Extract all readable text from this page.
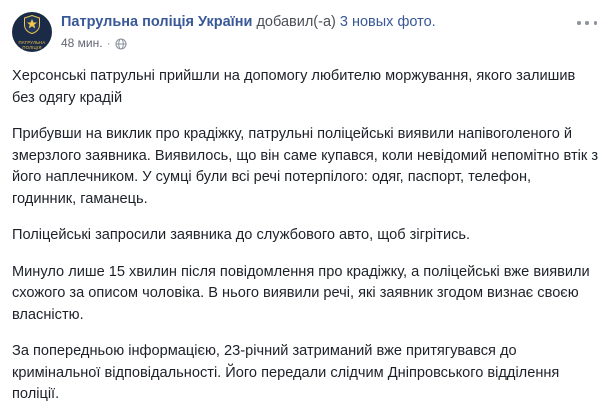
ПАТРУЛЬНА
ПОЛІЦІЯ
Патрульна поліція України добавил(-а) 3 новых фото.
48 мин. ·

Херсонські патрульні прийшли на допомогу любителю моржування, якого залишив без одягу крадій

Прибувши на виклик про крадіжку, патрульні поліцейські виявили напівоголеного й змерзлого заявника. Виявилось, що він саме купався, коли невідомий непомітно втік з його наплечником. У сумці були всі речі потерпілого: одяг, паспорт, телефон, годинник, гаманець.

Поліцейські запросили заявника до службового авто, щоб зігрітись.

Минуло лише 15 хвилин після повідомлення про крадіжку, а поліцейські вже виявили схожого за описом чоловіка. В нього виявили речі, які заявник згодом визнає своєю власністю.

За попередньою інформацією, 23-річний затриманий вже притягувався до кримінальної відповідальності. Його передали слідчим Дніпровського відділення поліції.
